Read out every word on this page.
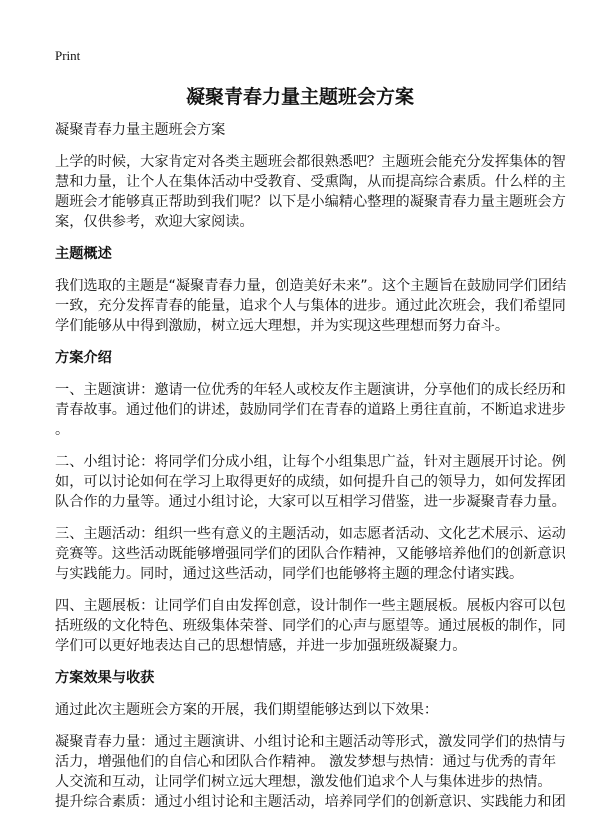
Print
凝聚青春力量主题班会方案

凝聚青春力量主题班会方案

上学的时候，大家肯定对各类主题班会都很熟悉吧？主题班会能充分发挥集体的智
慧和力量，让个人在集体活动中受教育、受熏陶，从而提高综合素质。什么样的主
题班会才能够真正帮助到我们呢？以下是小编精心整理的凝聚青春力量主题班会方
案，仅供参考，欢迎大家阅读。

主题概述

我们选取的主题是“凝聚青春力量，创造美好未来”。这个主题旨在鼓励同学们团结
一致，充分发挥青春的能量，追求个人与集体的进步。通过此次班会，我们希望同
学们能够从中得到激励，树立远大理想，并为实现这些理想而努力奋斗。

方案介绍

一、主题演讲：邀请一位优秀的年轻人或校友作主题演讲，分享他们的成长经历和
青春故事。通过他们的讲述，鼓励同学们在青春的道路上勇往直前，不断追求进步
。

二、小组讨论：将同学们分成小组，让每个小组集思广益，针对主题展开讨论。例
如，可以讨论如何在学习上取得更好的成绩，如何提升自己的领导力，如何发挥团
队合作的力量等。通过小组讨论，大家可以互相学习借鉴，进一步凝聚青春力量。

三、主题活动：组织一些有意义的主题活动，如志愿者活动、文化艺术展示、运动
竞赛等。这些活动既能够增强同学们的团队合作精神，又能够培养他们的创新意识
与实践能力。同时，通过这些活动，同学们也能够将主题的理念付诸实践。

四、主题展板：让同学们自由发挥创意，设计制作一些主题展板。展板内容可以包
括班级的文化特色、班级集体荣誉、同学们的心声与愿望等。通过展板的制作，同
学们可以更好地表达自己的思想情感，并进一步加强班级凝聚力。

方案效果与收获

通过此次主题班会方案的开展，我们期望能够达到以下效果：

凝聚青春力量：通过主题演讲、小组讨论和主题活动等形式，激发同学们的热情与
活力，增强他们的自信心和团队合作精神。 激发梦想与热情：通过与优秀的青年
人交流和互动，让同学们树立远大理想，激发他们追求个人与集体进步的热情。
提升综合素质：通过小组讨论和主题活动，培养同学们的创新意识、实践能力和团
